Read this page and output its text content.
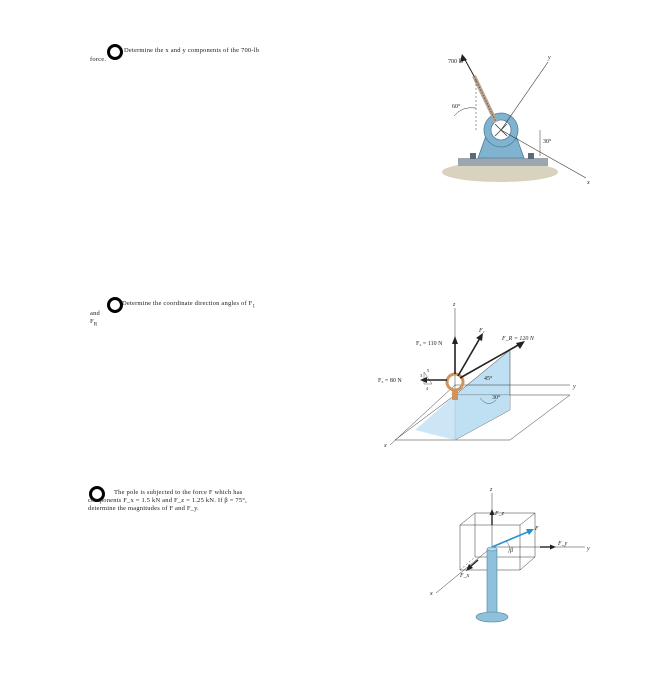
Determine the x and y components of the 700-lb
force.
x
y
700 lb
60°
30°
Determine the coordinate direction angles of $F_1$
and $F_R$
z
y
x
F₂ = 110 N
F₁
F_R = 120 N
F₃ = 80 N
3
5
4
45°
30°
The pole is subjected to the force F which has
components F_x = 1.5 kN and F_z = 1.25 kN. If β = 75°,
determine the magnitudes of F and F_y.
z
y
x
F
F_z
F_y
F_x
β
